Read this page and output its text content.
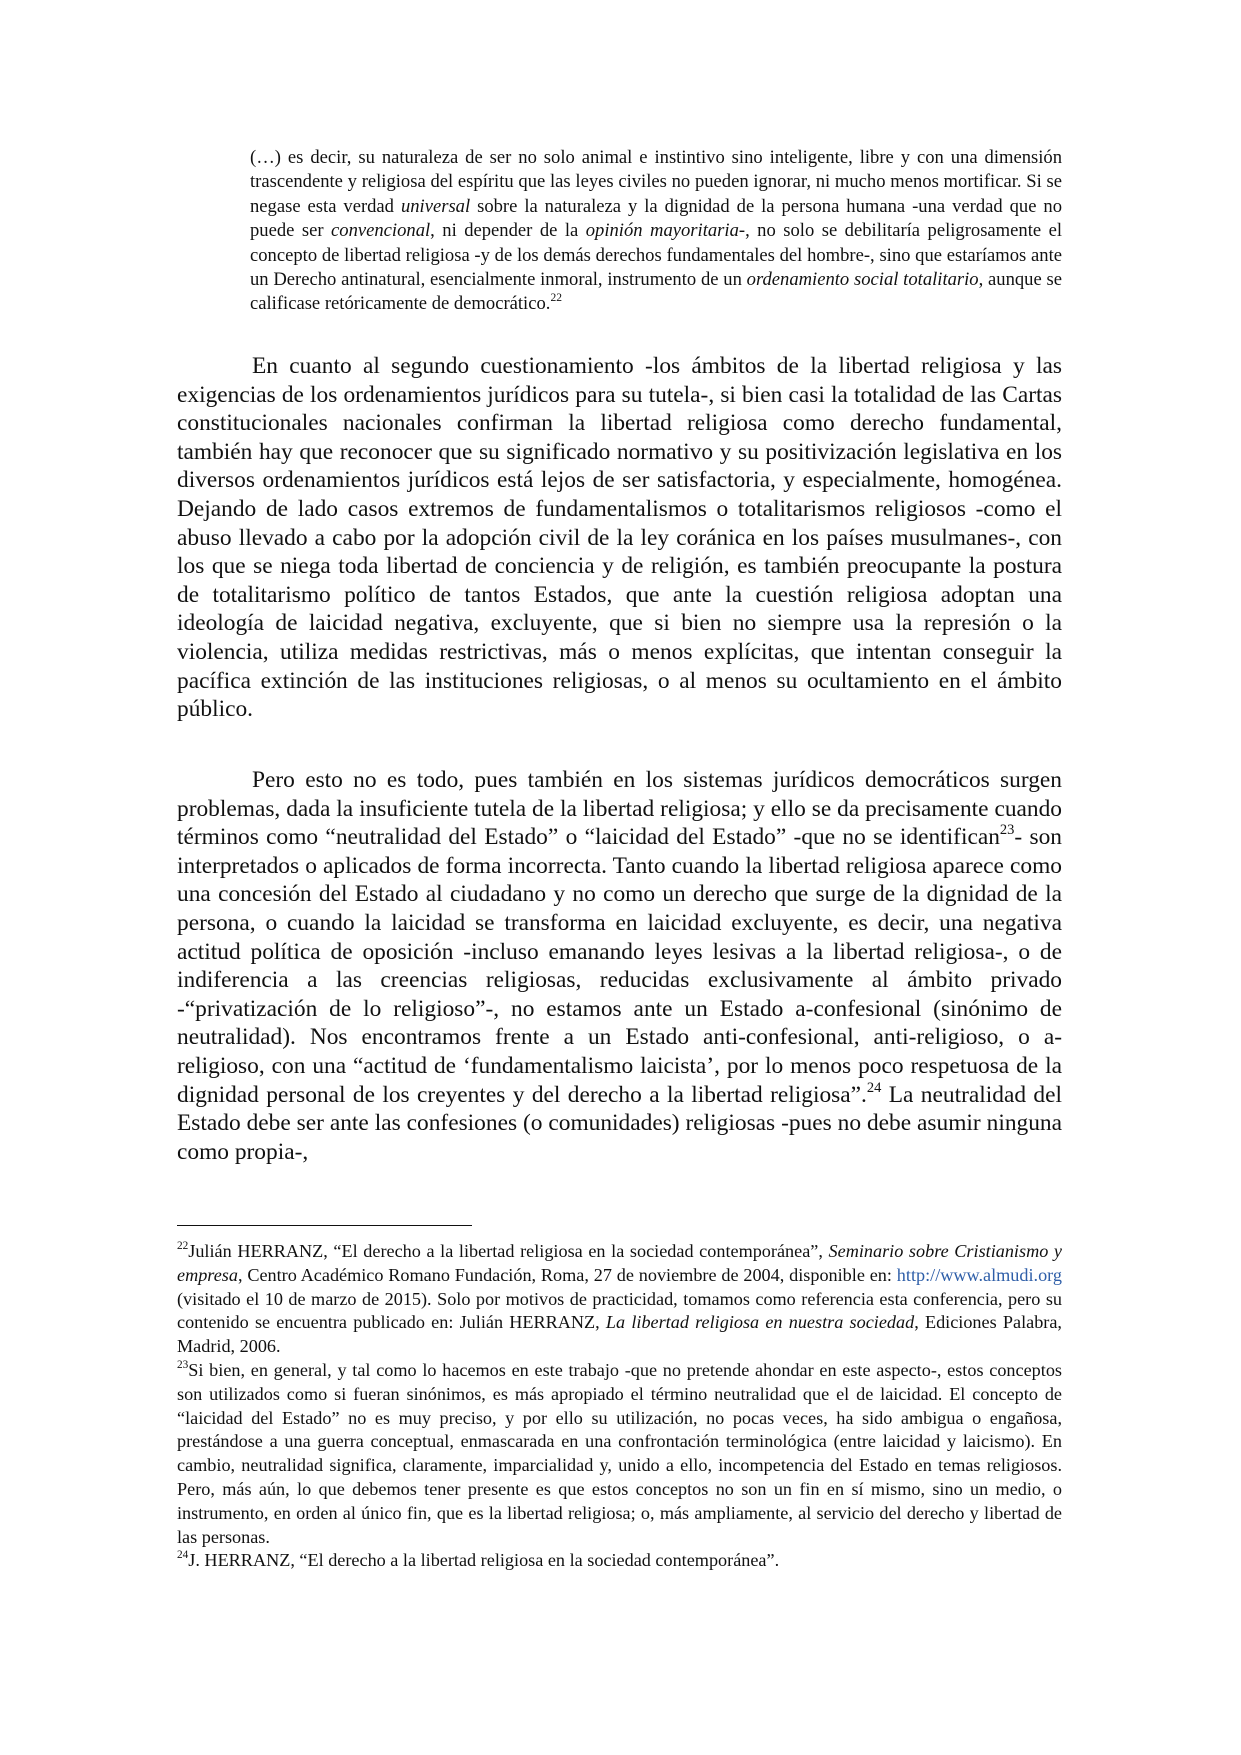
(…) es decir, su naturaleza de ser no solo animal e instintivo sino inteligente, libre y con una dimensión trascendente y religiosa del espíritu que las leyes civiles no pueden ignorar, ni mucho menos mortificar. Si se negase esta verdad universal sobre la naturaleza y la dignidad de la persona humana -una verdad que no puede ser convencional, ni depender de la opinión mayoritaria-, no solo se debilitaría peligrosamente el concepto de libertad religiosa -y de los demás derechos fundamentales del hombre-, sino que estaríamos ante un Derecho antinatural, esencialmente inmoral, instrumento de un ordenamiento social totalitario, aunque se calificase retóricamente de democrático.$^{22}$

En cuanto al segundo cuestionamiento -los ámbitos de la libertad religiosa y las exigencias de los ordenamientos jurídicos para su tutela-, si bien casi la totalidad de las Cartas constitucionales nacionales confirman la libertad religiosa como derecho fundamental, también hay que reconocer que su significado normativo y su positivización legislativa en los diversos ordenamientos jurídicos está lejos de ser satisfactoria, y especialmente, homogénea. Dejando de lado casos extremos de fundamentalismos o totalitarismos religiosos -como el abuso llevado a cabo por la adopción civil de la ley coránica en los países musulmanes-, con los que se niega toda libertad de conciencia y de religión, es también preocupante la postura de totalitarismo político de tantos Estados, que ante la cuestión religiosa adoptan una ideología de laicidad negativa, excluyente, que si bien no siempre usa la represión o la violencia, utiliza medidas restrictivas, más o menos explícitas, que intentan conseguir la pacífica extinción de las instituciones religiosas, o al menos su ocultamiento en el ámbito público.

Pero esto no es todo, pues también en los sistemas jurídicos democráticos surgen problemas, dada la insuficiente tutela de la libertad religiosa; y ello se da precisamente cuando términos como “neutralidad del Estado” o “laicidad del Estado” -que no se identifican$^{23}$- son interpretados o aplicados de forma incorrecta. Tanto cuando la libertad religiosa aparece como una concesión del Estado al ciudadano y no como un derecho que surge de la dignidad de la persona, o cuando la laicidad se transforma en laicidad excluyente, es decir, una negativa actitud política de oposición -incluso emanando leyes lesivas a la libertad religiosa-, o de indiferencia a las creencias religiosas, reducidas exclusivamente al ámbito privado -“privatización de lo religioso”-, no estamos ante un Estado a-confesional (sinónimo de neutralidad). Nos encontramos frente a un Estado anti-confesional, anti-religioso, o a-religioso, con una “actitud de ‘fundamentalismo laicista’, por lo menos poco respetuosa de la dignidad personal de los creyentes y del derecho a la libertad religiosa”.$^{24}$ La neutralidad del Estado debe ser ante las confesiones (o comunidades) religiosas -pues no debe asumir ninguna como propia-,

$^{22}$Julián HERRANZ, “El derecho a la libertad religiosa en la sociedad contemporánea”, Seminario sobre Cristianismo y empresa, Centro Académico Romano Fundación, Roma, 27 de noviembre de 2004, disponible en: http://www.almudi.org (visitado el 10 de marzo de 2015). Solo por motivos de practicidad, tomamos como referencia esta conferencia, pero su contenido se encuentra publicado en: Julián HERRANZ, La libertad religiosa en nuestra sociedad, Ediciones Palabra, Madrid, 2006.

$^{23}$Si bien, en general, y tal como lo hacemos en este trabajo -que no pretende ahondar en este aspecto-, estos conceptos son utilizados como si fueran sinónimos, es más apropiado el término neutralidad que el de laicidad. El concepto de “laicidad del Estado” no es muy preciso, y por ello su utilización, no pocas veces, ha sido ambigua o engañosa, prestándose a una guerra conceptual, enmascarada en una confrontación terminológica (entre laicidad y laicismo). En cambio, neutralidad significa, claramente, imparcialidad y, unido a ello, incompetencia del Estado en temas religiosos. Pero, más aún, lo que debemos tener presente es que estos conceptos no son un fin en sí mismo, sino un medio, o instrumento, en orden al único fin, que es la libertad religiosa; o, más ampliamente, al servicio del derecho y libertad de las personas.

$^{24}$J. HERRANZ, “El derecho a la libertad religiosa en la sociedad contemporánea”.
